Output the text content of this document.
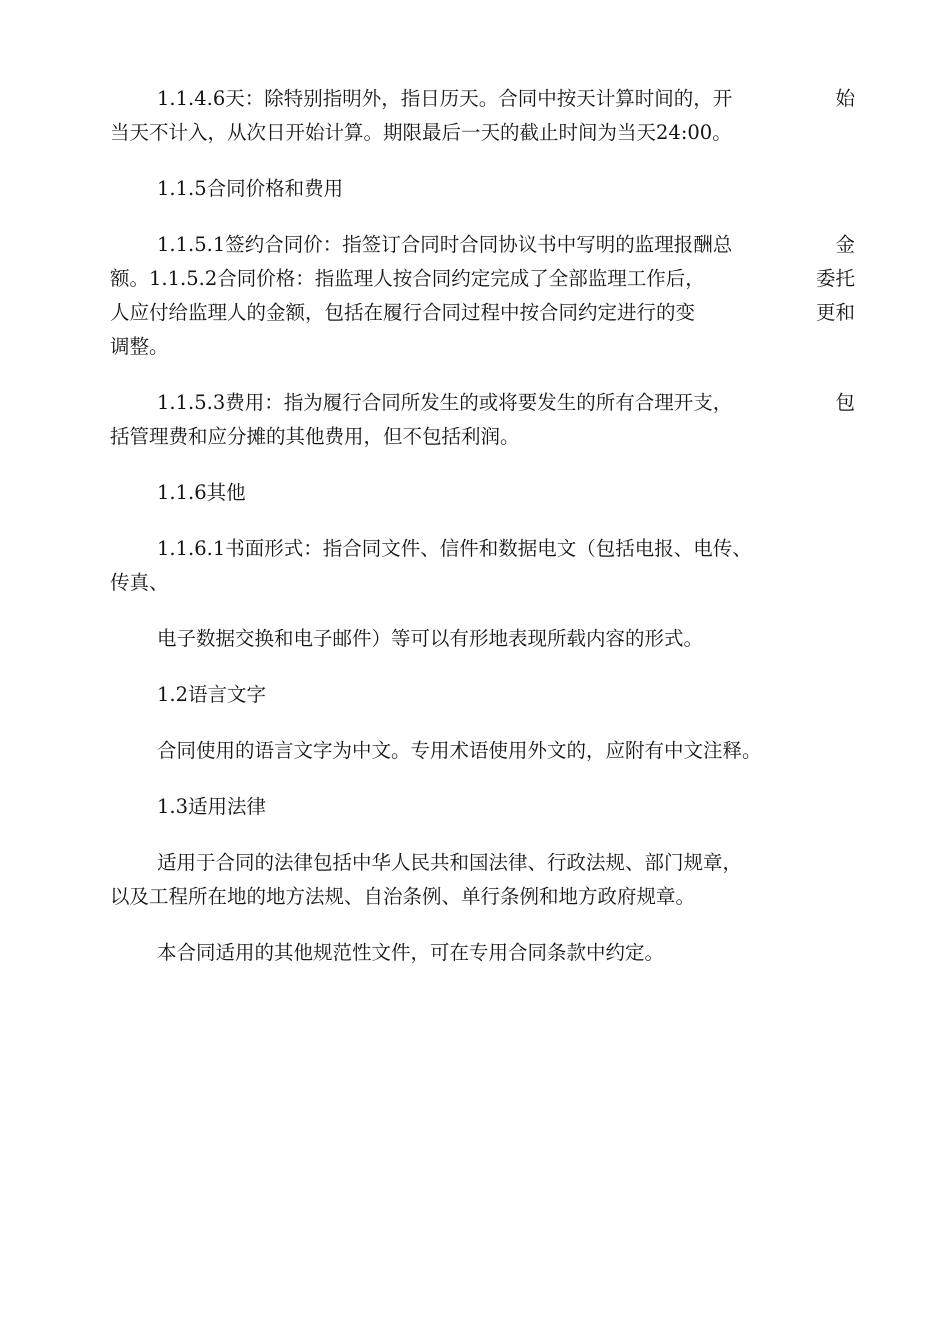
1.1.4.6天：除特别指明外，指日历天。合同中按天计算时间的，开	始
当天不计入，从次日开始计算。期限最后一天的截止时间为当天24:00。
1.1.5合同价格和费用
1.1.5.1签约合同价：指签订合同时合同协议书中写明的监理报酬总	金
额。1.1.5.2合同价格：指监理人按合同约定完成了全部监理工作后，	委托
人应付给监理人的金额，包括在履行合同过程中按合同约定进行的变	更和
调整。
1.1.5.3费用：指为履行合同所发生的或将要发生的所有合理开支，	包
括管理费和应分摊的其他费用，但不包括利润。
1.1.6其他
1.1.6.1书面形式：指合同文件、信件和数据电文（包括电报、电传、
传真、
电子数据交换和电子邮件）等可以有形地表现所载内容的形式。
1.2语言文字
合同使用的语言文字为中文。专用术语使用外文的，应附有中文注释。
1.3适用法律
适用于合同的法律包括中华人民共和国法律、行政法规、部门规章，
以及工程所在地的地方法规、自治条例、单行条例和地方政府规章。
本合同适用的其他规范性文件，可在专用合同条款中约定。
